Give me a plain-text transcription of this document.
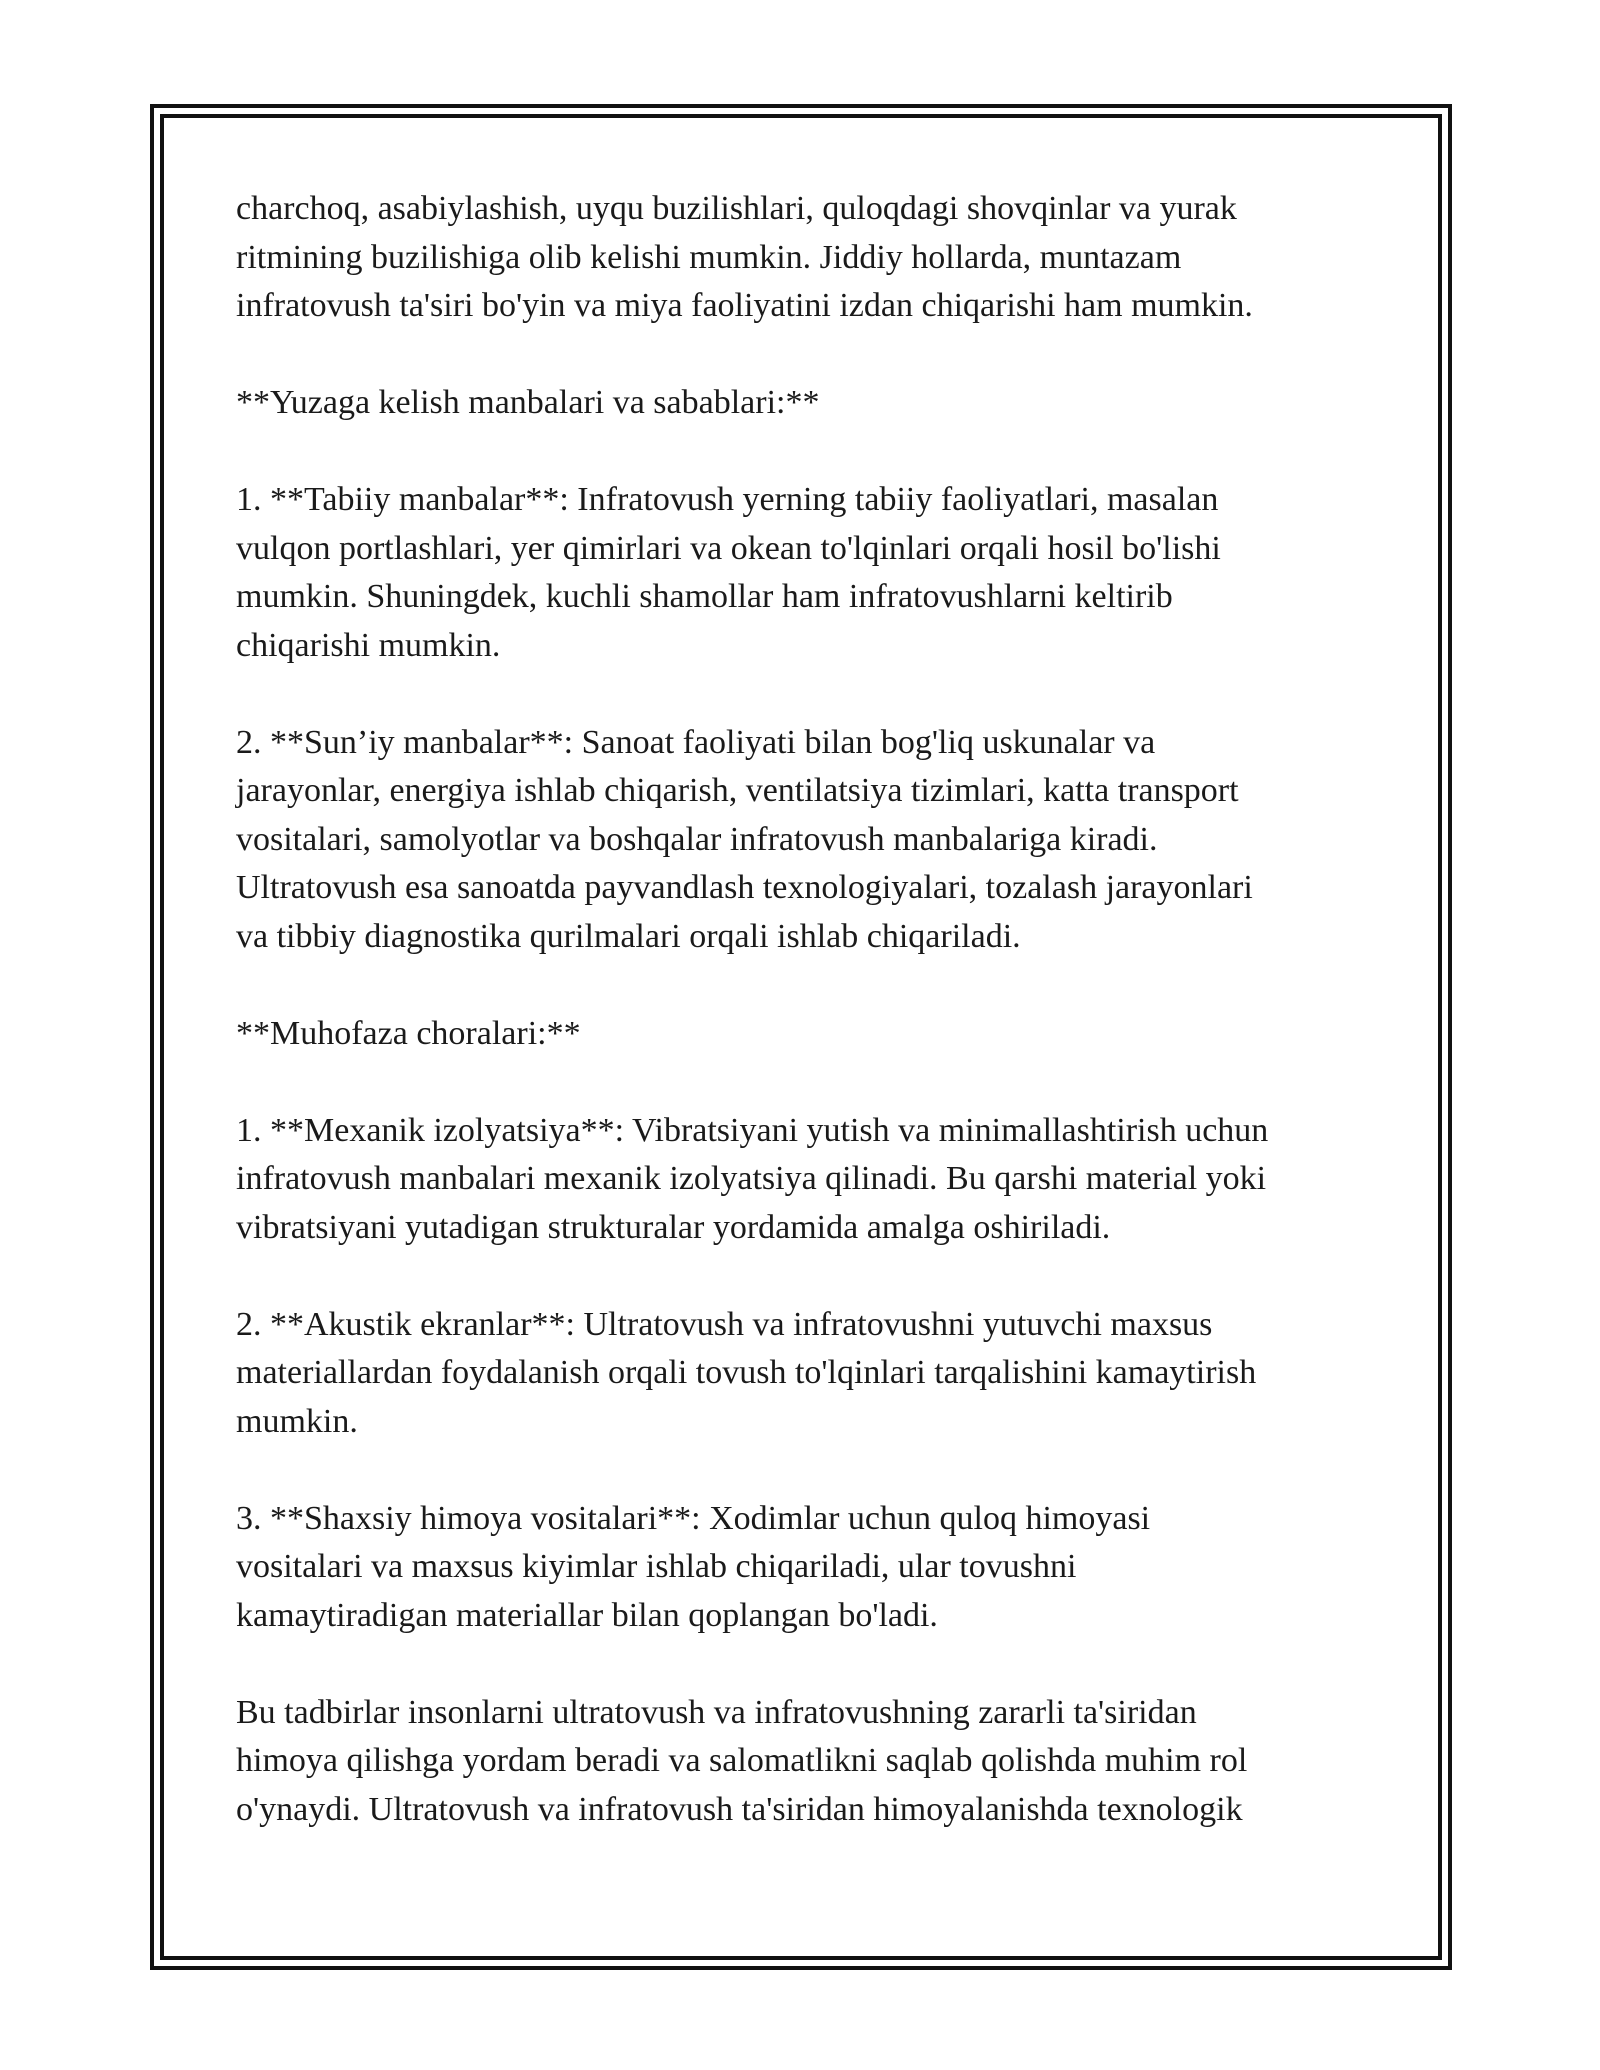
charchoq, asabiylashish, uyqu buzilishlari, quloqdagi shovqinlar va yurak
ritmining buzilishiga olib kelishi mumkin. Jiddiy hollarda, muntazam
infratovush ta'siri bo'yin va miya faoliyatini izdan chiqarishi ham mumkin.

**Yuzaga kelish manbalari va sabablari:**

1. **Tabiiy manbalar**: Infratovush yerning tabiiy faoliyatlari, masalan
vulqon portlashlari, yer qimirlari va okean to'lqinlari orqali hosil bo'lishi
mumkin. Shuningdek, kuchli shamollar ham infratovushlarni keltirib
chiqarishi mumkin.

2. **Sun’iy manbalar**: Sanoat faoliyati bilan bog'liq uskunalar va
jarayonlar, energiya ishlab chiqarish, ventilatsiya tizimlari, katta transport
vositalari, samolyotlar va boshqalar infratovush manbalariga kiradi.
Ultratovush esa sanoatda payvandlash texnologiyalari, tozalash jarayonlari
va tibbiy diagnostika qurilmalari orqali ishlab chiqariladi.

**Muhofaza choralari:**

1. **Mexanik izolyatsiya**: Vibratsiyani yutish va minimallashtirish uchun
infratovush manbalari mexanik izolyatsiya qilinadi. Bu qarshi material yoki
vibratsiyani yutadigan strukturalar yordamida amalga oshiriladi.

2. **Akustik ekranlar**: Ultratovush va infratovushni yutuvchi maxsus
materiallardan foydalanish orqali tovush to'lqinlari tarqalishini kamaytirish
mumkin.

3. **Shaxsiy himoya vositalari**: Xodimlar uchun quloq himoyasi
vositalari va maxsus kiyimlar ishlab chiqariladi, ular tovushni
kamaytiradigan materiallar bilan qoplangan bo'ladi.

Bu tadbirlar insonlarni ultratovush va infratovushning zararli ta'siridan
himoya qilishga yordam beradi va salomatlikni saqlab qolishda muhim rol
o'ynaydi. Ultratovush va infratovush ta'siridan himoyalanishda texnologik
